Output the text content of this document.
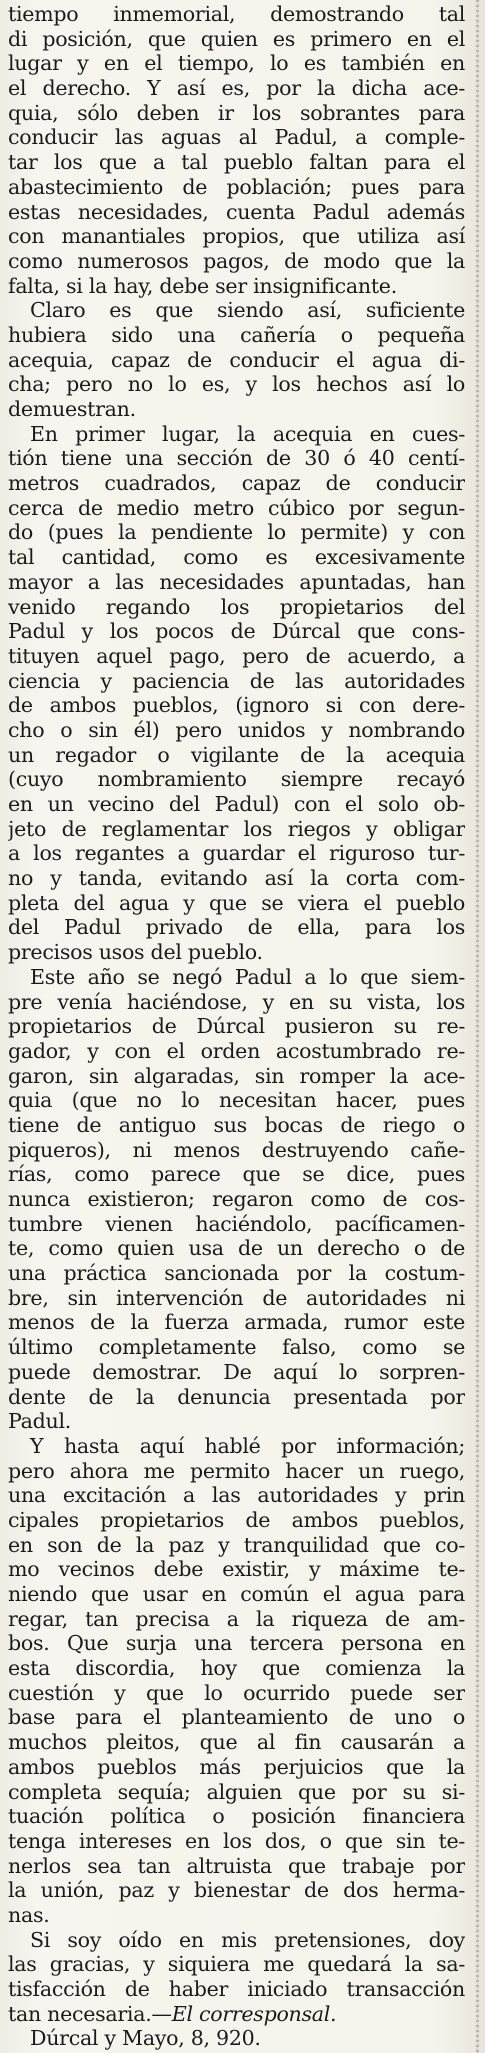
tiempo inmemorial, demostrando tal
di posición, que quien es primero en el
lugar y en el tiempo, lo es también en
el derecho. Y así es, por la dicha ace-
quia, sólo deben ir los sobrantes para
conducir las aguas al Padul, a comple-
tar los que a tal pueblo faltan para el
abastecimiento de población; pues para
estas necesidades, cuenta Padul además
con manantiales propios, que utiliza así
como numerosos pagos, de modo que la
falta, si la hay, debe ser insignificante.
Claro es que siendo así, suficiente
hubiera sido una cañería o pequeña
acequia, capaz de conducir el agua di-
cha; pero no lo es, y los hechos así lo
demuestran.
En primer lugar, la acequia en cues-
tión tiene una sección de 30 ó 40 centí-
metros cuadrados, capaz de conducir
cerca de medio metro cúbico por segun-
do (pues la pendiente lo permite) y con
tal cantidad, como es excesivamente
mayor a las necesidades apuntadas, han
venido regando los propietarios del
Padul y los pocos de Dúrcal que cons-
tituyen aquel pago, pero de acuerdo, a
ciencia y paciencia de las autoridades
de ambos pueblos, (ignoro si con dere-
cho o sin él) pero unidos y nombrando
un regador o vigilante de la acequia
(cuyo nombramiento siempre recayó
en un vecino del Padul) con el solo ob-
jeto de reglamentar los riegos y obligar
a los regantes a guardar el riguroso tur-
no y tanda, evitando así la corta com-
pleta del agua y que se viera el pueblo
del Padul privado de ella, para los
precisos usos del pueblo.
Este año se negó Padul a lo que siem-
pre venía haciéndose, y en su vista, los
propietarios de Dúrcal pusieron su re-
gador, y con el orden acostumbrado re-
garon, sin algaradas, sin romper la ace-
quia (que no lo necesitan hacer, pues
tiene de antiguo sus bocas de riego o
piqueros), ni menos destruyendo cañe-
rías, como parece que se dice, pues
nunca existieron; regaron como de cos-
tumbre vienen haciéndolo, pacíficamen-
te, como quien usa de un derecho o de
una práctica sancionada por la costum-
bre, sin intervención de autoridades ni
menos de la fuerza armada, rumor este
último completamente falso, como se
puede demostrar. De aquí lo sorpren-
dente de la denuncia presentada por
Padul.
Y hasta aquí hablé por información;
pero ahora me permito hacer un ruego,
una excitación a las autoridades y prin
cipales propietarios de ambos pueblos,
en son de la paz y tranquilidad que co-
mo vecinos debe existir, y máxime te-
niendo que usar en común el agua para
regar, tan precisa a la riqueza de am-
bos. Que surja una tercera persona en
esta discordia, hoy que comienza la
cuestión y que lo ocurrido puede ser
base para el planteamiento de uno o
muchos pleitos, que al fin causarán a
ambos pueblos más perjuicios que la
completa sequía; alguien que por su si-
tuación política o posición financiera
tenga intereses en los dos, o que sin te-
nerlos sea tan altruista que trabaje por
la unión, paz y bienestar de dos herma-
nas.
Si soy oído en mis pretensiones, doy
las gracias, y siquiera me quedará la sa-
tisfacción de haber iniciado transacción
tan necesaria.—El corresponsal.
Dúrcal y Mayo, 8, 920.
